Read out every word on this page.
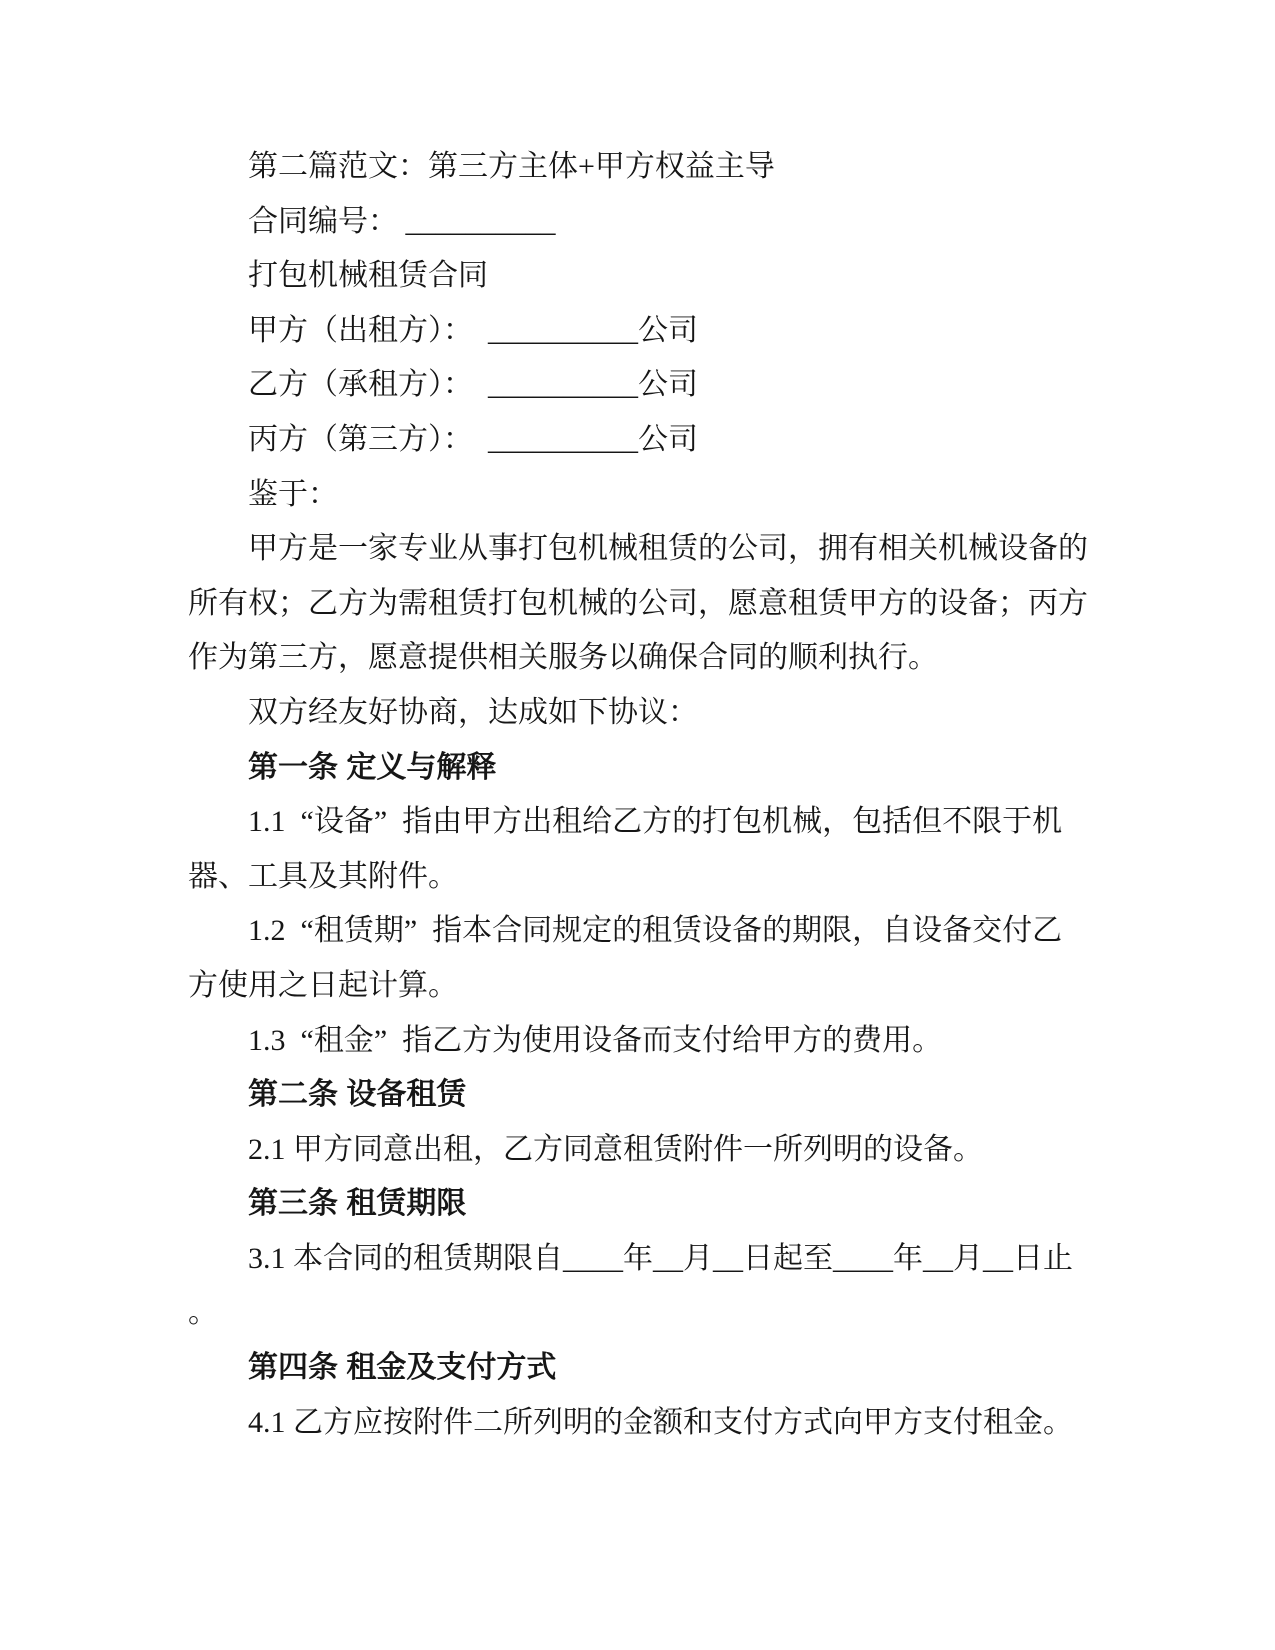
第二篇范文：第三方主体+甲方权益主导
合同编号： __________
打包机械租赁合同
甲方（出租方）：  __________公司
乙方（承租方）：  __________公司
丙方（第三方）：  __________公司
鉴于：
甲方是一家专业从事打包机械租赁的公司，拥有相关机械设备的
所有权；乙方为需租赁打包机械的公司，愿意租赁甲方的设备；丙方
作为第三方，愿意提供相关服务以确保合同的顺利执行。
双方经友好协商，达成如下协议：
第一条 定义与解释
1.1  “设备”  指由甲方出租给乙方的打包机械，包括但不限于机
器、工具及其附件。
1.2  “租赁期”  指本合同规定的租赁设备的期限，自设备交付乙
方使用之日起计算。
1.3  “租金”  指乙方为使用设备而支付给甲方的费用。
第二条 设备租赁
2.1 甲方同意出租，乙方同意租赁附件一所列明的设备。
第三条 租赁期限
3.1 本合同的租赁期限自____年__月__日起至____年__月__日止
。
第四条 租金及支付方式
4.1 乙方应按附件二所列明的金额和支付方式向甲方支付租金。
